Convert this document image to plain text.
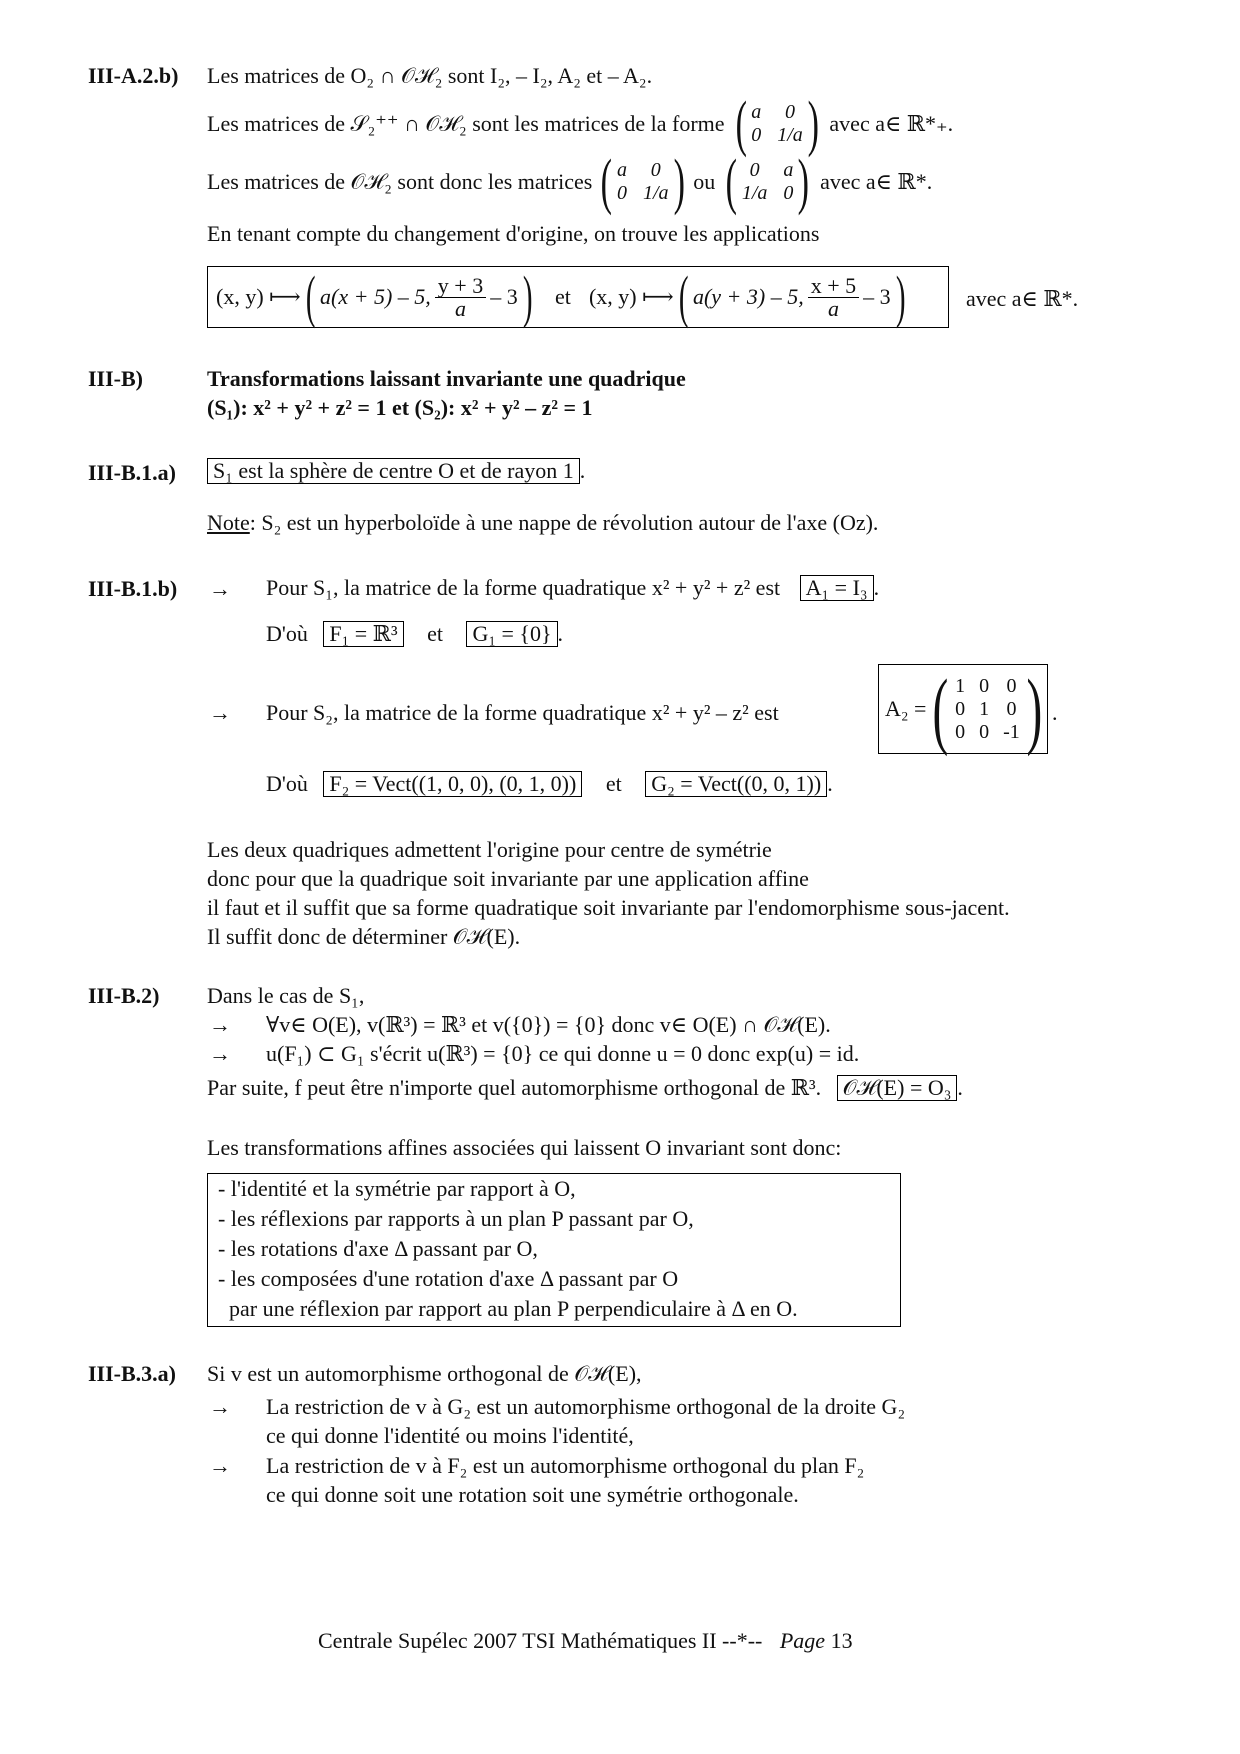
III-A.2.b) Les matrices de O₂ ∩ 𝒪ℋ₂ sont I₂, – I₂, A₂ et – A₂.
Les matrices de 𝒮₂⁺⁺ ∩ 𝒪ℋ₂ sont les matrices de la forme ( a	0
0 1/a ) avec a∈ ℝ*₊.
Les matrices de 𝒪ℋ₂ sont donc les matrices ( a	0
0 1/a ) ou ( 0	a
1/a 0 ) avec a∈ ℝ*.
En tenant compte du changement d'origine, on trouve les applications
(x, y) ⟼ ( a(x + 5) – 5, $\frac{y + 3}{a} - 3$ ) et (x, y) ⟼ ( a(y + 3) – 5, $\frac{x + 5}{a} - 3$ )	avec a∈ ℝ*.
III-B)	Transformations laissant invariante une quadrique
(S₁): x² + y² + z² = 1 et (S₂): x² + y² – z² = 1
III-B.1.a) S₁ est la sphère de centre O et de rayon 1 .
Note: S₂ est un hyperboloïde à une nappe de révolution autour de l'axe (Oz).
III-B.1.b) → Pour S₁, la matrice de la forme quadratique x² + y² + z² est A₁ = I₃ .
D'où F₁ = ℝ³ et G₁ = {0} .
→ Pour S₂, la matrice de la forme quadratique x² + y² – z² est	A₂ = ( 1 0 0
0 1 0
0 0 -1 ) .
D'où F₂ = Vect((1, 0, 0), (0, 1, 0)) et G₂ = Vect((0, 0, 1)) .
Les deux quadriques admettent l'origine pour centre de symétrie
donc pour que la quadrique soit invariante par une application affine
il faut et il suffit que sa forme quadratique soit invariante par l'endomorphisme sous-jacent.
Il suffit donc de déterminer 𝒪ℋ(E).
III-B.2) Dans le cas de S₁,
→ ∀v∈ O(E), v(ℝ³) = ℝ³ et v({0}) = {0} donc v∈ O(E) ∩ 𝒪ℋ(E).
→ u(F₁) ⊂ G₁ s'écrit u(ℝ³) = {0} ce qui donne u = 0 donc exp(u) = id.
Par suite, f peut être n'importe quel automorphisme orthogonal de ℝ³. 𝒪ℋ(E) = O₃ .
Les transformations affines associées qui laissent O invariant sont donc:
- l'identité et la symétrie par rapport à O,
- les réflexions par rapports à un plan P passant par O,
- les rotations d'axe Δ passant par O,
- les composées d'une rotation d'axe Δ passant par O
par une réflexion par rapport au plan P perpendiculaire à Δ en O.
III-B.3.a) Si v est un automorphisme orthogonal de 𝒪ℋ(E),
→ La restriction de v à G₂ est un automorphisme orthogonal de la droite G₂
ce qui donne l'identité ou moins l'identité,
→ La restriction de v à F₂ est un automorphisme orthogonal du plan F₂
ce qui donne soit une rotation soit une symétrie orthogonale.
Centrale Supélec 2007 TSI Mathématiques II --*-- Page 13
